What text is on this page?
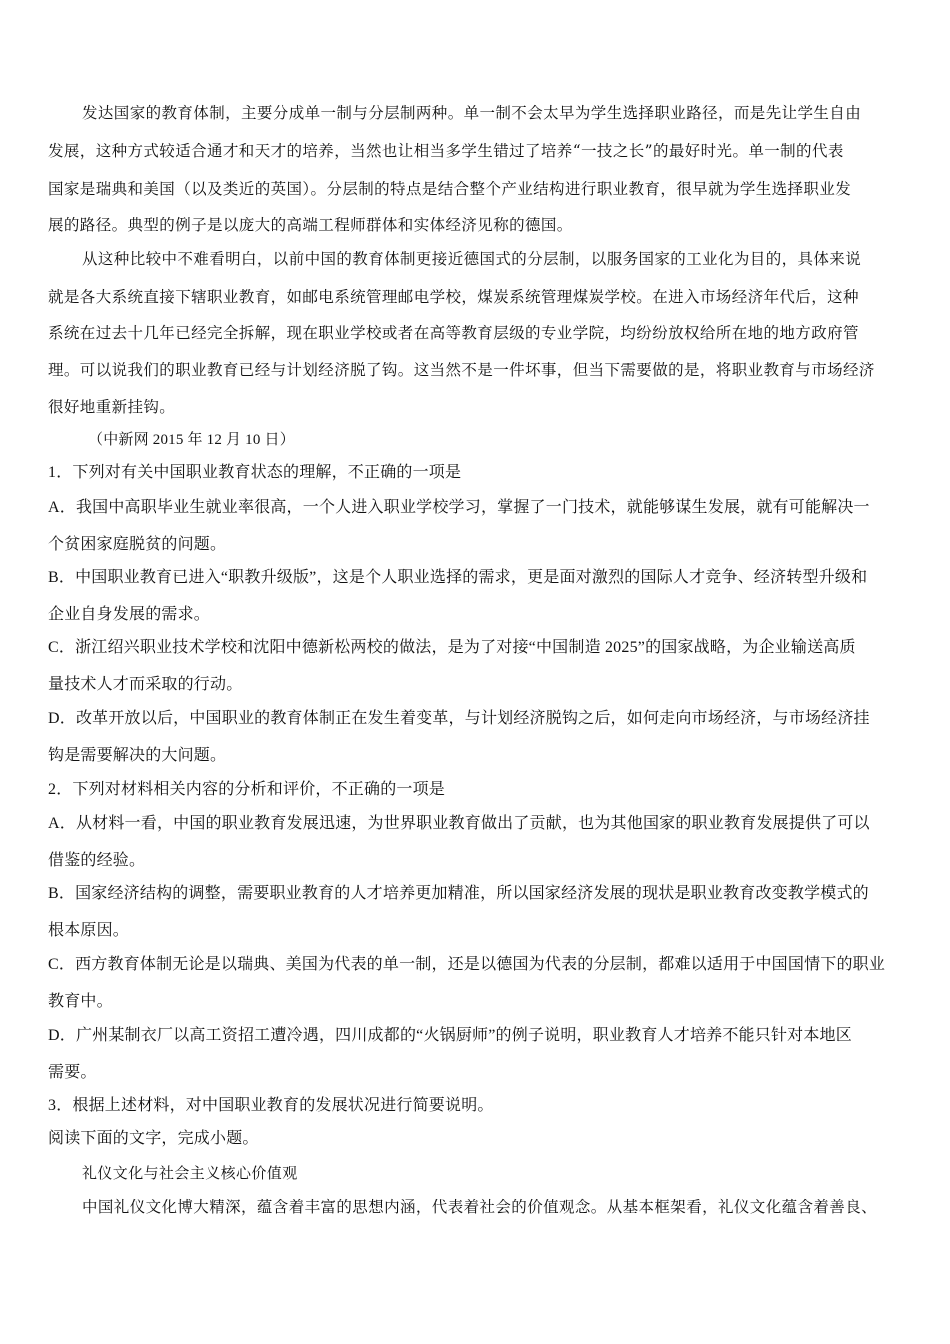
发达国家的教育体制，主要分成单一制与分层制两种。单一制不会太早为学生选择职业路径，而是先让学生自由
发展，这种方式较适合通才和天才的培养，当然也让相当多学生错过了培养“一技之长”的最好时光。单一制的代表
国家是瑞典和美国（以及类近的英国）。分层制的特点是结合整个产业结构进行职业教育，很早就为学生选择职业发
展的路径。典型的例子是以庞大的高端工程师群体和实体经济见称的德国。
从这种比较中不难看明白，以前中国的教育体制更接近德国式的分层制，以服务国家的工业化为目的，具体来说
就是各大系统直接下辖职业教育，如邮电系统管理邮电学校，煤炭系统管理煤炭学校。在进入市场经济年代后，这种
系统在过去十几年已经完全拆解，现在职业学校或者在高等教育层级的专业学院，均纷纷放权给所在地的地方政府管
理。可以说我们的职业教育已经与计划经济脱了钩。这当然不是一件坏事，但当下需要做的是，将职业教育与市场经济
很好地重新挂钩。
（中新网 2015 年 12 月 10 日）
1．下列对有关中国职业教育状态的理解，不正确的一项是
A．我国中高职毕业生就业率很高，一个人进入职业学校学习，掌握了一门技术，就能够谋生发展，就有可能解决一
个贫困家庭脱贫的问题。
B．中国职业教育已进入“职教升级版”，这是个人职业选择的需求，更是面对激烈的国际人才竞争、经济转型升级和
企业自身发展的需求。
C．浙江绍兴职业技术学校和沈阳中德新松两校的做法，是为了对接“中国制造 2025”的国家战略，为企业输送高质
量技术人才而采取的行动。
D．改革开放以后，中国职业的教育体制正在发生着变革，与计划经济脱钩之后，如何走向市场经济，与市场经济挂
钩是需要解决的大问题。
2．下列对材料相关内容的分析和评价，不正确的一项是
A．从材料一看，中国的职业教育发展迅速，为世界职业教育做出了贡献，也为其他国家的职业教育发展提供了可以
借鉴的经验。
B．国家经济结构的调整，需要职业教育的人才培养更加精准，所以国家经济发展的现状是职业教育改变教学模式的
根本原因。
C．西方教育体制无论是以瑞典、美国为代表的单一制，还是以德国为代表的分层制，都难以适用于中国国情下的职业
教育中。
D．广州某制衣厂以高工资招工遭冷遇，四川成都的“火锅厨师”的例子说明，职业教育人才培养不能只针对本地区
需要。
3．根据上述材料，对中国职业教育的发展状况进行简要说明。
阅读下面的文字，完成小题。
礼仪文化与社会主义核心价值观
中国礼仪文化博大精深，蕴含着丰富的思想内涵，代表着社会的价值观念。从基本框架看，礼仪文化蕴含着善良、
